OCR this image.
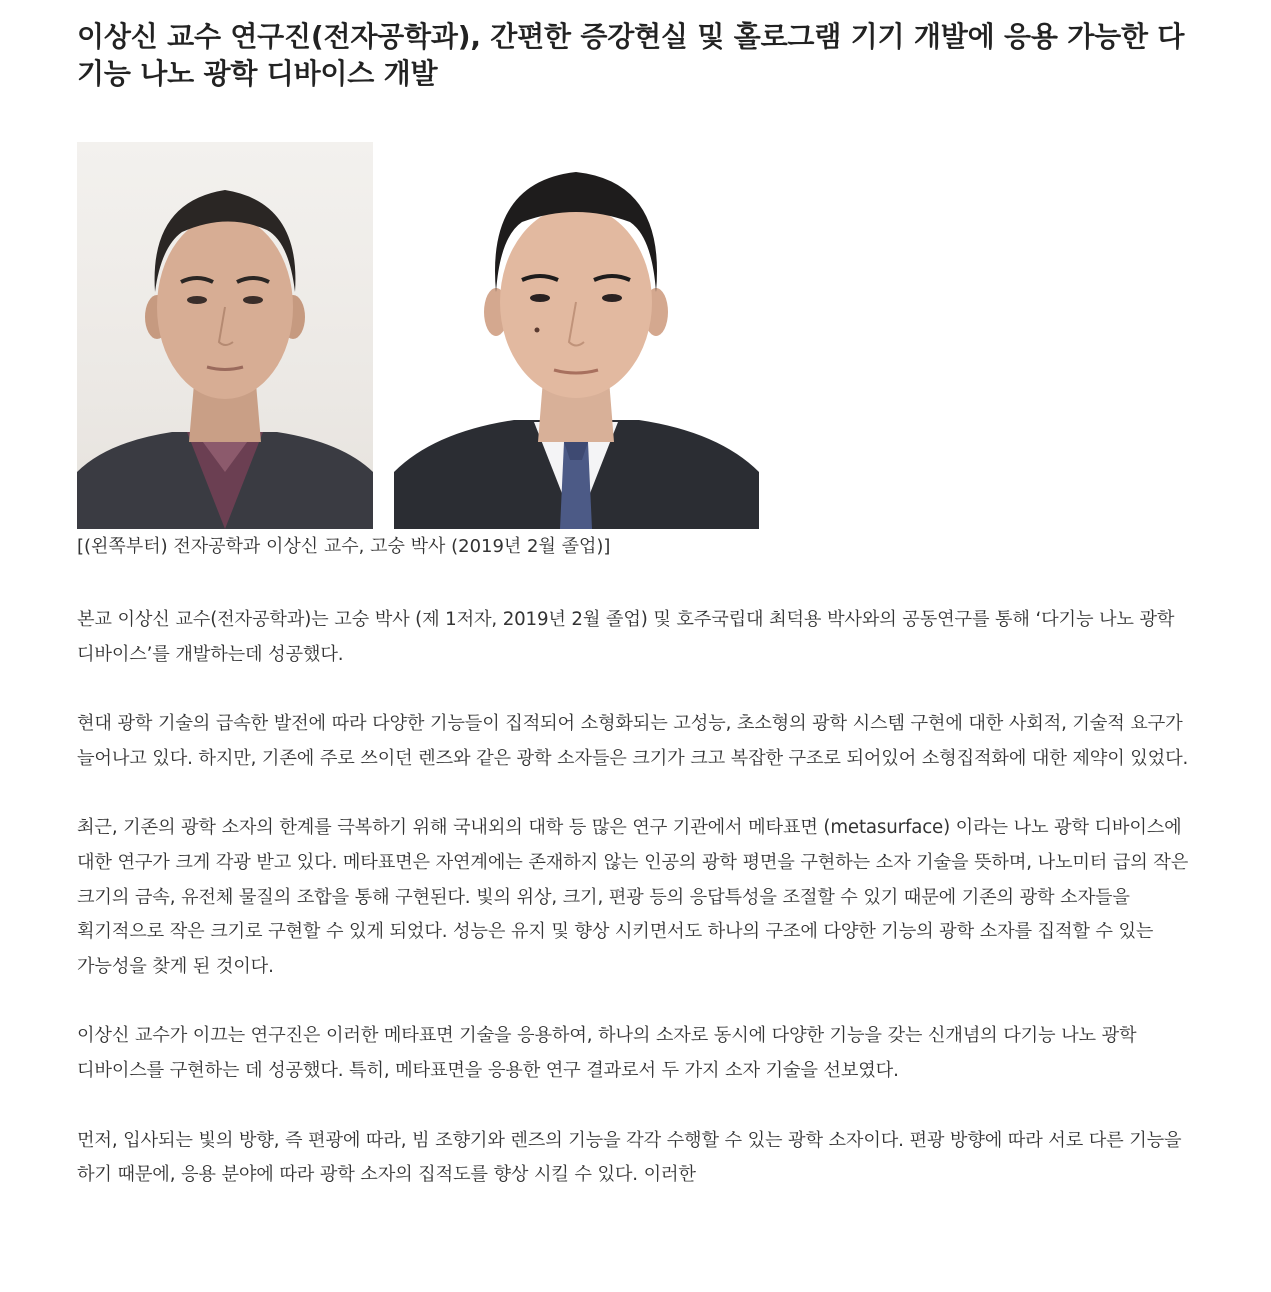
이상신 교수 연구진(전자공학과), 간편한 증강현실 및 홀로그램 기기 개발에 응용 가능한 다기능 나노 광학 디바이스 개발
[(왼쪽부터) 전자공학과 이상신 교수, 고숭 박사 (2019년 2월 졸업)]

본교 이상신 교수(전자공학과)는 고숭 박사 (제 1저자, 2019년 2월 졸업) 및 호주국립대 최덕용 박사와의 공동연구를 통해 ‘다기능 나노 광학 디바이스’를 개발하는데 성공했다.

현대 광학 기술의 급속한 발전에 따라 다양한 기능들이 집적되어 소형화되는 고성능, 초소형의 광학 시스템 구현에 대한 사회적, 기술적 요구가 늘어나고 있다. 하지만, 기존에 주로 쓰이던 렌즈와 같은 광학 소자들은 크기가 크고 복잡한 구조로 되어있어 소형집적화에 대한 제약이 있었다.

최근, 기존의 광학 소자의 한계를 극복하기 위해 국내외의 대학 등 많은 연구 기관에서 메타표면 (metasurface) 이라는 나노 광학 디바이스에 대한 연구가 크게 각광 받고 있다. 메타표면은 자연계에는 존재하지 않는 인공의 광학 평면을 구현하는 소자 기술을 뜻하며, 나노미터 급의 작은 크기의 금속, 유전체 물질의 조합을 통해 구현된다. 빛의 위상, 크기, 편광 등의 응답특성을 조절할 수 있기 때문에 기존의 광학 소자들을 획기적으로 작은 크기로 구현할 수 있게 되었다. 성능은 유지 및 향상 시키면서도 하나의 구조에 다양한 기능의 광학 소자를 집적할 수 있는 가능성을 찾게 된 것이다.

이상신 교수가 이끄는 연구진은 이러한 메타표면 기술을 응용하여, 하나의 소자로 동시에 다양한 기능을 갖는 신개념의 다기능 나노 광학 디바이스를 구현하는 데 성공했다. 특히, 메타표면을 응용한 연구 결과로서 두 가지 소자 기술을 선보였다.

먼저, 입사되는 빛의 방향, 즉 편광에 따라, 빔 조향기와 렌즈의 기능을 각각 수행할 수 있는 광학 소자이다. 편광 방향에 따라 서로 다른 기능을 하기 때문에, 응용 분야에 따라 광학 소자의 집적도를 향상 시킬 수 있다. 이러한
